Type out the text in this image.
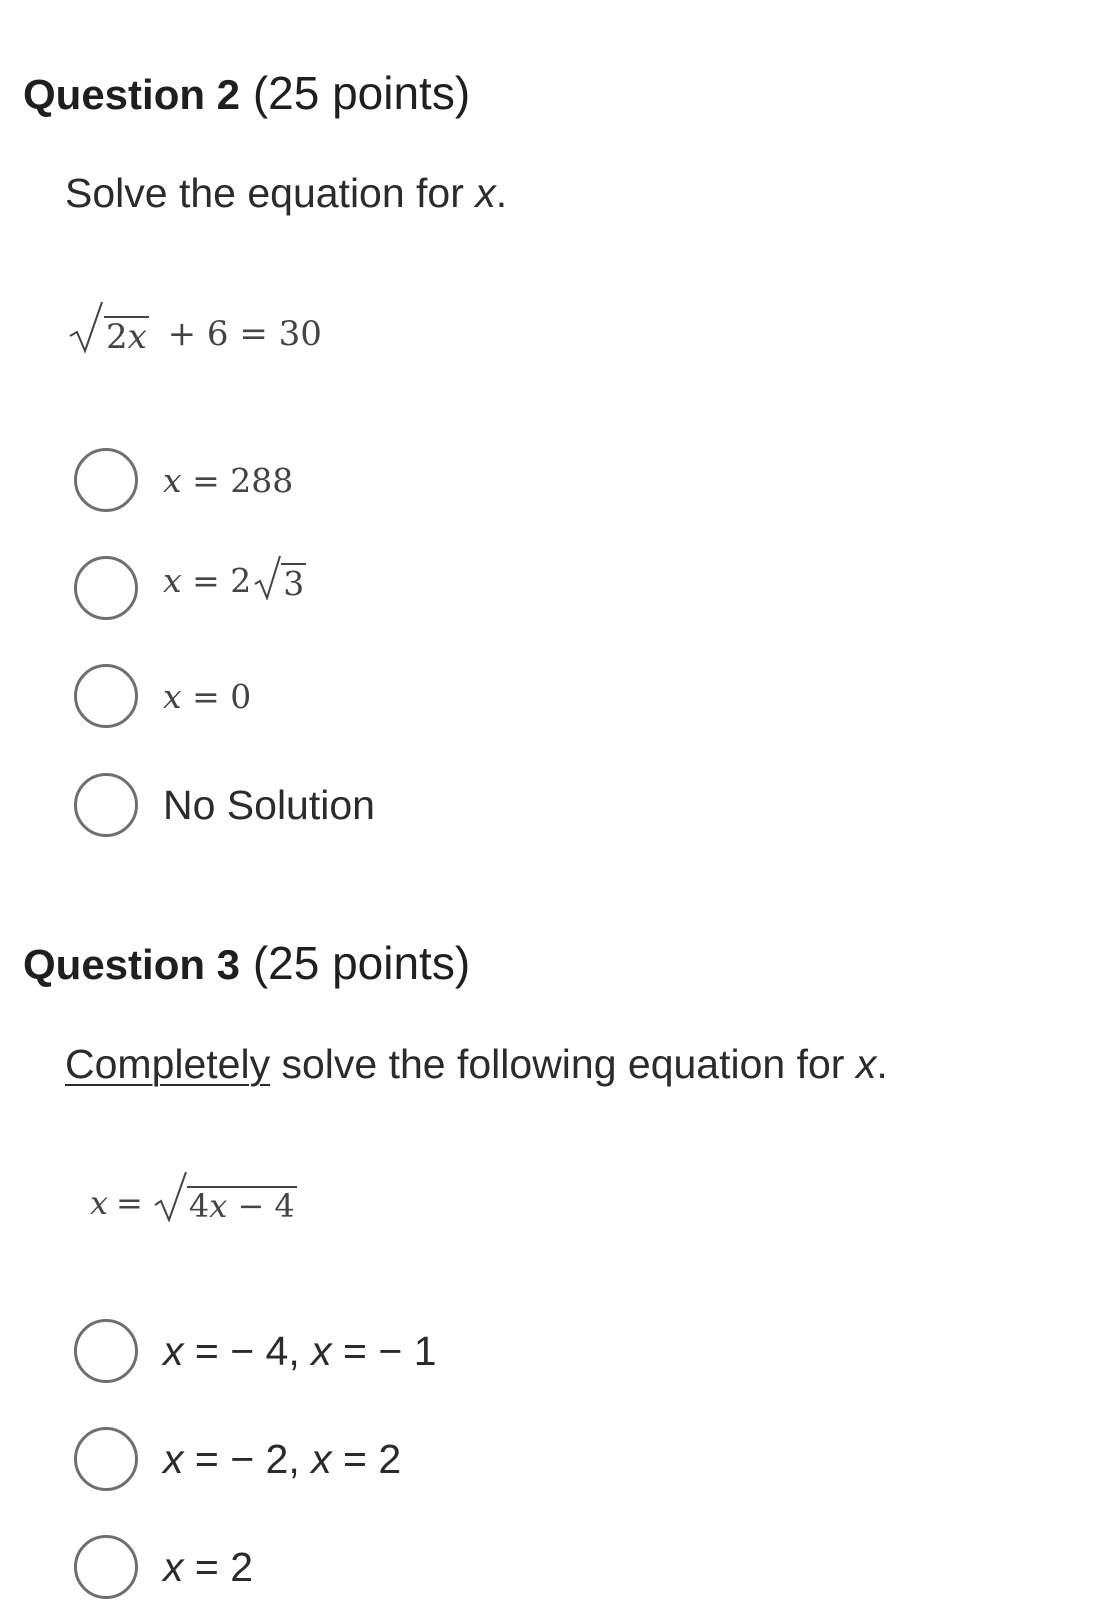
Question 2 (25 points)

Solve the equation for x.

2x + 6 = 30
x = 288
x
= 2 3
x = 0
No Solution
Question 3 (25 points)

Completely solve the following equation for x.

x = 4x − 4
x = − 4, x = − 1
x = − 2, x = 2
x = 2
